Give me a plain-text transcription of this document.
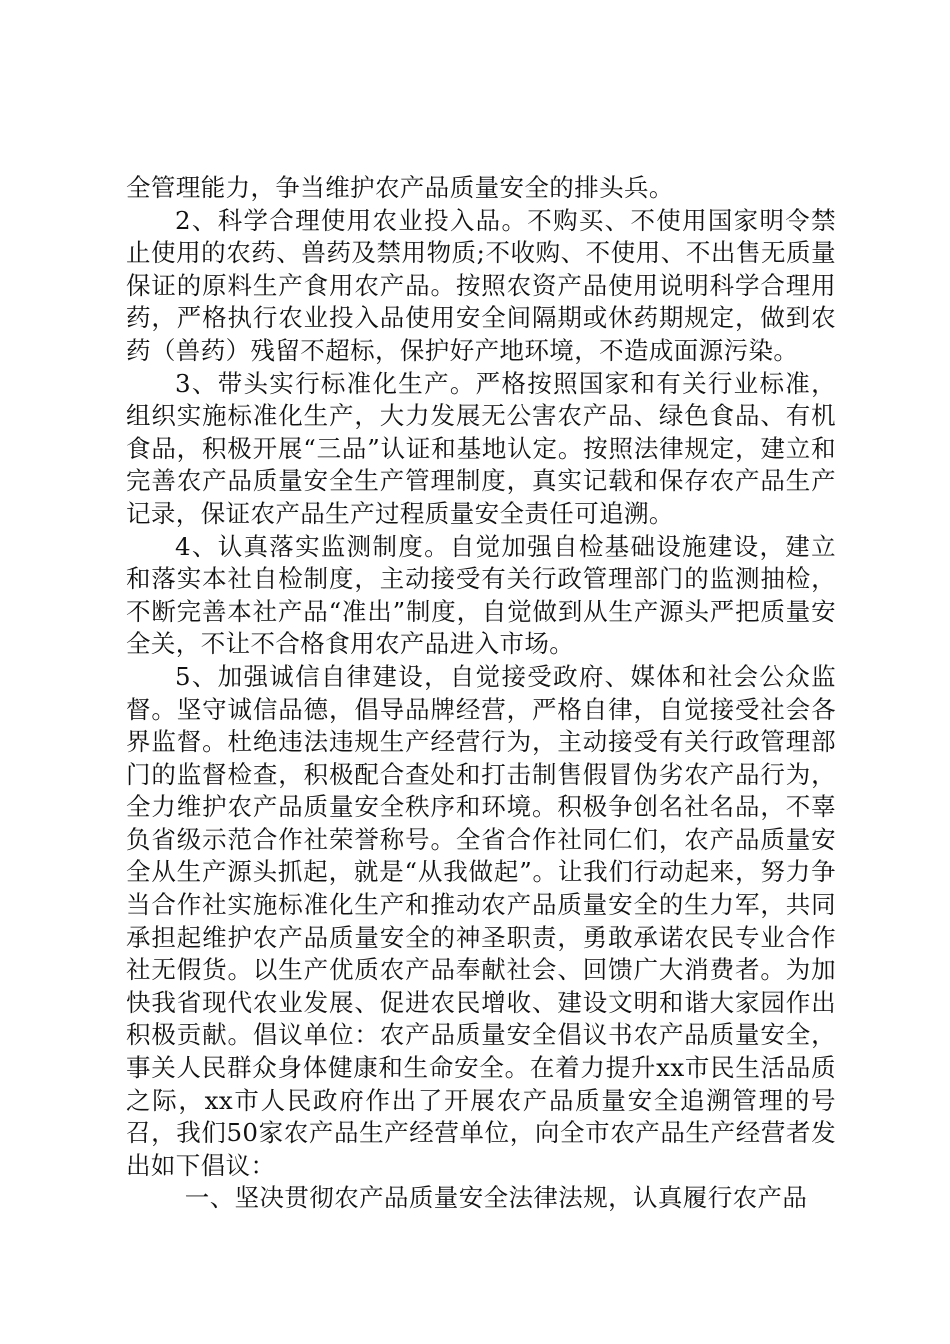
全管理能力，争当维护农产品质量安全的排头兵。

2、科学合理使用农业投入品。不购买、不使用国家明令禁止使用的农药、兽药及禁用物质;不收购、不使用、不出售无质量保证的原料生产食用农产品。按照农资产品使用说明科学合理用药，严格执行农业投入品使用安全间隔期或休药期规定，做到农药（兽药）残留不超标，保护好产地环境，不造成面源污染。

3、带头实行标准化生产。严格按照国家和有关行业标准，组织实施标准化生产，大力发展无公害农产品、绿色食品、有机食品，积极开展“三品”认证和基地认定。按照法律规定，建立和完善农产品质量安全生产管理制度，真实记载和保存农产品生产记录，保证农产品生产过程质量安全责任可追溯。

4、认真落实监测制度。自觉加强自检基础设施建设，建立和落实本社自检制度，主动接受有关行政管理部门的监测抽检，不断完善本社产品“准出”制度，自觉做到从生产源头严把质量安全关，不让不合格食用农产品进入市场。

5、加强诚信自律建设，自觉接受政府、媒体和社会公众监督。坚守诚信品德，倡导品牌经营，严格自律，自觉接受社会各界监督。杜绝违法违规生产经营行为，主动接受有关行政管理部门的监督检查，积极配合查处和打击制售假冒伪劣农产品行为，全力维护农产品质量安全秩序和环境。积极争创名社名品，不辜负省级示范合作社荣誉称号。全省合作社同仁们，农产品质量安全从生产源头抓起，就是“从我做起”。让我们行动起来，努力争当合作社实施标准化生产和推动农产品质量安全的生力军，共同承担起维护农产品质量安全的神圣职责，勇敢承诺农民专业合作社无假货。以生产优质农产品奉献社会、回馈广大消费者。为加快我省现代农业发展、促进农民增收、建设文明和谐大家园作出积极贡献。倡议单位：农产品质量安全倡议书农产品质量安全，事关人民群众身体健康和生命安全。在着力提升xx市民生活品质之际，xx市人民政府作出了开展农产品质量安全追溯管理的号召，我们50家农产品生产经营单位，向全市农产品生产经营者发出如下倡议：

一、坚决贯彻农产品质量安全法律法规，认真履行农产品
